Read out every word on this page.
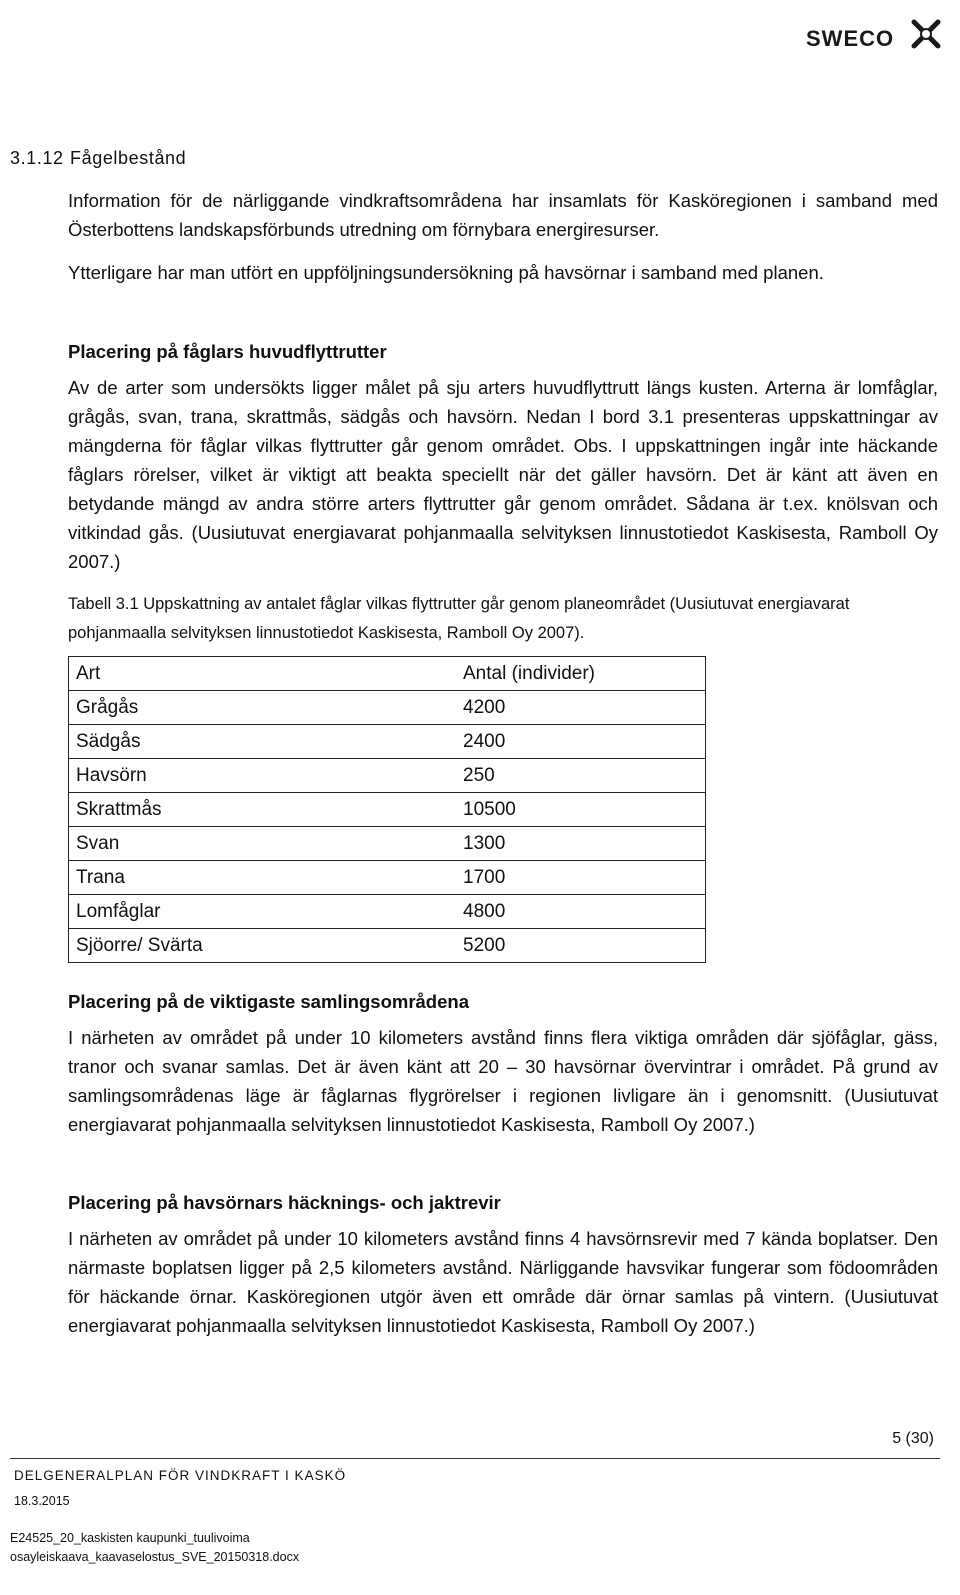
SWECO
3.1.12 Fågelbestånd

Information för de närliggande vindkraftsområdena har insamlats för Kasköregionen i samband med Österbottens landskapsförbunds utredning om förnybara energiresurser.

Ytterligare har man utfört en uppföljningsundersökning på havsörnar i samband med planen.

Placering på fåglars huvudflyttrutter

Av de arter som undersökts ligger målet på sju arters huvudflyttrutt längs kusten. Arterna är lomfåglar, grågås, svan, trana, skrattmås, sädgås och havsörn. Nedan I bord 3.1 presenteras uppskattningar av mängderna för fåglar vilkas flyttrutter går genom området. Obs. I uppskattningen ingår inte häckande fåglars rörelser, vilket är viktigt att beakta speciellt när det gäller havsörn. Det är känt att även en betydande mängd av andra större arters flyttrutter går genom området. Sådana är t.ex. knölsvan och vitkindad gås. (Uusiutuvat energiavarat pohjanmaalla selvityksen linnustotiedot Kaskisesta, Ramboll Oy 2007.)

Tabell 3.1 Uppskattning av antalet fåglar vilkas flyttrutter går genom planeområdet (Uusiutuvat energiavarat pohjanmaalla selvityksen linnustotiedot Kaskisesta, Ramboll Oy 2007).

Art	Antal (individer)
Grågås	4200
Sädgås	2400
Havsörn	250
Skrattmås	10500
Svan	1300
Trana	1700
Lomfåglar	4800
Sjöorre/ Svärta	5200
Placering på de viktigaste samlingsområdena

I närheten av området på under 10 kilometers avstånd finns flera viktiga områden där sjöfåglar, gäss, tranor och svanar samlas. Det är även känt att 20 – 30 havsörnar övervintrar i området. På grund av samlingsområdenas läge är fåglarnas flygrörelser i regionen livligare än i genomsnitt. (Uusiutuvat energiavarat pohjanmaalla selvityksen linnustotiedot Kaskisesta, Ramboll Oy 2007.)

Placering på havsörnars häcknings- och jaktrevir

I närheten av området på under 10 kilometers avstånd finns 4 havsörnsrevir med 7 kända boplatser. Den närmaste boplatsen ligger på 2,5 kilometers avstånd. Närliggande havsvikar fungerar som födoområden för häckande örnar. Kasköregionen utgör även ett område där örnar samlas på vintern. (Uusiutuvat energiavarat pohjanmaalla selvityksen linnustotiedot Kaskisesta, Ramboll Oy 2007.)

5 (30)
DELGENERALPLAN FÖR VINDKRAFT I KASKÖ
18.3.2015
E24525_20_kaskisten kaupunki_tuulivoima
osayleiskaava_kaavaselostus_SVE_20150318.docx
